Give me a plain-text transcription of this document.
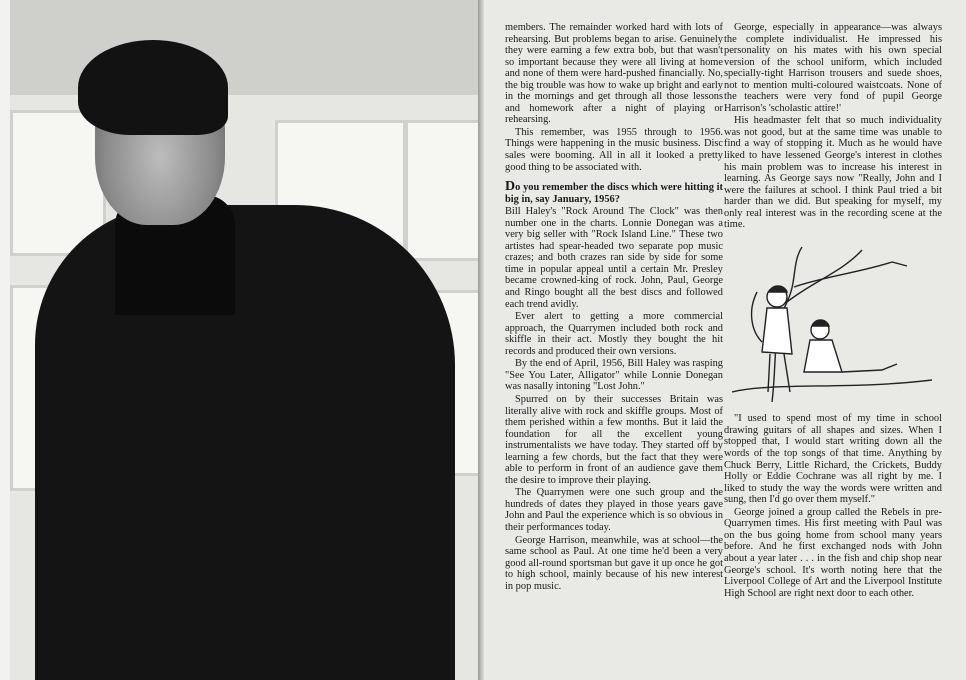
members. The remainder worked hard with lots of rehearsing. But problems began to arise. Genuinely they were earning a few extra bob, but that wasn't so important because they were all living at home and none of them were hard-pushed financially. No, the big trouble was how to wake up bright and early in the mornings and get through all those lessons and homework after a night of playing or rehearsing.

This remember, was 1955 through to 1956. Things were happening in the music business. Disc sales were booming. All in all it looked a pretty good thing to be associated with.

Do you remember the discs which were hitting it big in, say January, 1956?

Bill Haley's "Rock Around The Clock" was then number one in the charts. Lonnie Donegan was a very big seller with "Rock Island Line." These two artistes had spear-headed two separate pop music crazes; and both crazes ran side by side for some time in popular appeal until a certain Mr. Presley became crowned-king of rock. John, Paul, George and Ringo bought all the best discs and followed each trend avidly.

Ever alert to getting a more commercial approach, the Quarrymen included both rock and skiffle in their act. Mostly they bought the hit records and produced their own versions.

By the end of April, 1956, Bill Haley was rasping "See You Later, Alligator" while Lonnie Donegan was nasally intoning "Lost John."

Spurred on by their successes Britain was literally alive with rock and skiffle groups. Most of them perished within a few months. But it laid the foundation for all the excellent young instrumentalists we have today. They started off by learning a few chords, but the fact that they were able to perform in front of an audience gave them the desire to improve their playing.

The Quarrymen were one such group and the hundreds of dates they played in those years gave John and Paul the experience which is so obvious in their performances today.

George Harrison, meanwhile, was at school—the same school as Paul. At one time he'd been a very good all-round sportsman but gave it up once he got to high school, mainly because of his new interest in pop music.

George, especially in appearance—was always the complete individualist. He impressed his personality on his mates with his own special version of the school uniform, which included specially-tight Harrison trousers and suede shoes, not to mention multi-coloured waistcoats. None of the teachers were very fond of pupil George Harrison's 'scholastic attire!'

His headmaster felt that so much individuality was not good, but at the same time was unable to find a way of stopping it. Much as he would have liked to have lessened George's interest in clothes his main problem was to increase his interest in learning. As George says now "Really, John and I were the failures at school. I think Paul tried a bit harder than we did. But speaking for myself, my only real interest was in the recording scene at the time.

"I used to spend most of my time in school drawing guitars of all shapes and sizes. When I stopped that, I would start writing down all the words of the top songs of that time. Anything by Chuck Berry, Little Richard, the Crickets, Buddy Holly or Eddie Cochrane was all right by me. I liked to study the way the words were written and sung, then I'd go over them myself."

George joined a group called the Rebels in pre-Quarrymen times. His first meeting with Paul was on the bus going home from school many years before. And he first exchanged nods with John about a year later . . . in the fish and chip shop near George's school. It's worth noting here that the Liverpool College of Art and the Liverpool Institute High School are right next door to each other.
